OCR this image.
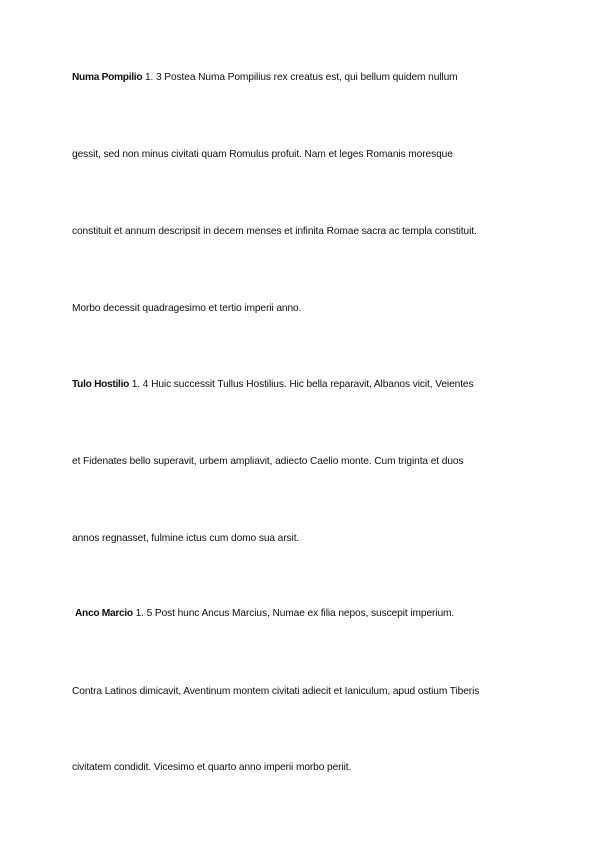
Numa Pompilio 1. 3 Postea Numa Pompilius rex creatus est, qui bellum quidem nullum
gessit, sed non minus civitati quam Romulus profuit. Nam et leges Romanis moresque
constituit et annum descripsit in decem menses et infinita Romae sacra ac templa constituit.
Morbo decessit quadragesimo et tertio imperii anno.
Tulo Hostilio 1. 4 Huic successit Tullus Hostilius. Hic bella reparavit, Albanos vicit, Veientes
et Fidenates bello superavit, urbem ampliavit, adiecto Caelio monte. Cum triginta et duos
annos regnasset, fulmine ictus cum domo sua arsit.
Anco Marcio 1. 5 Post hunc Ancus Marcius, Numae ex filia nepos, suscepit imperium.
Contra Latinos dimicavit, Aventinum montem civitati adiecit et Ianiculum, apud ostium Tiberis
civitatem condidit. Vicesimo et quarto anno imperii morbo periit.
